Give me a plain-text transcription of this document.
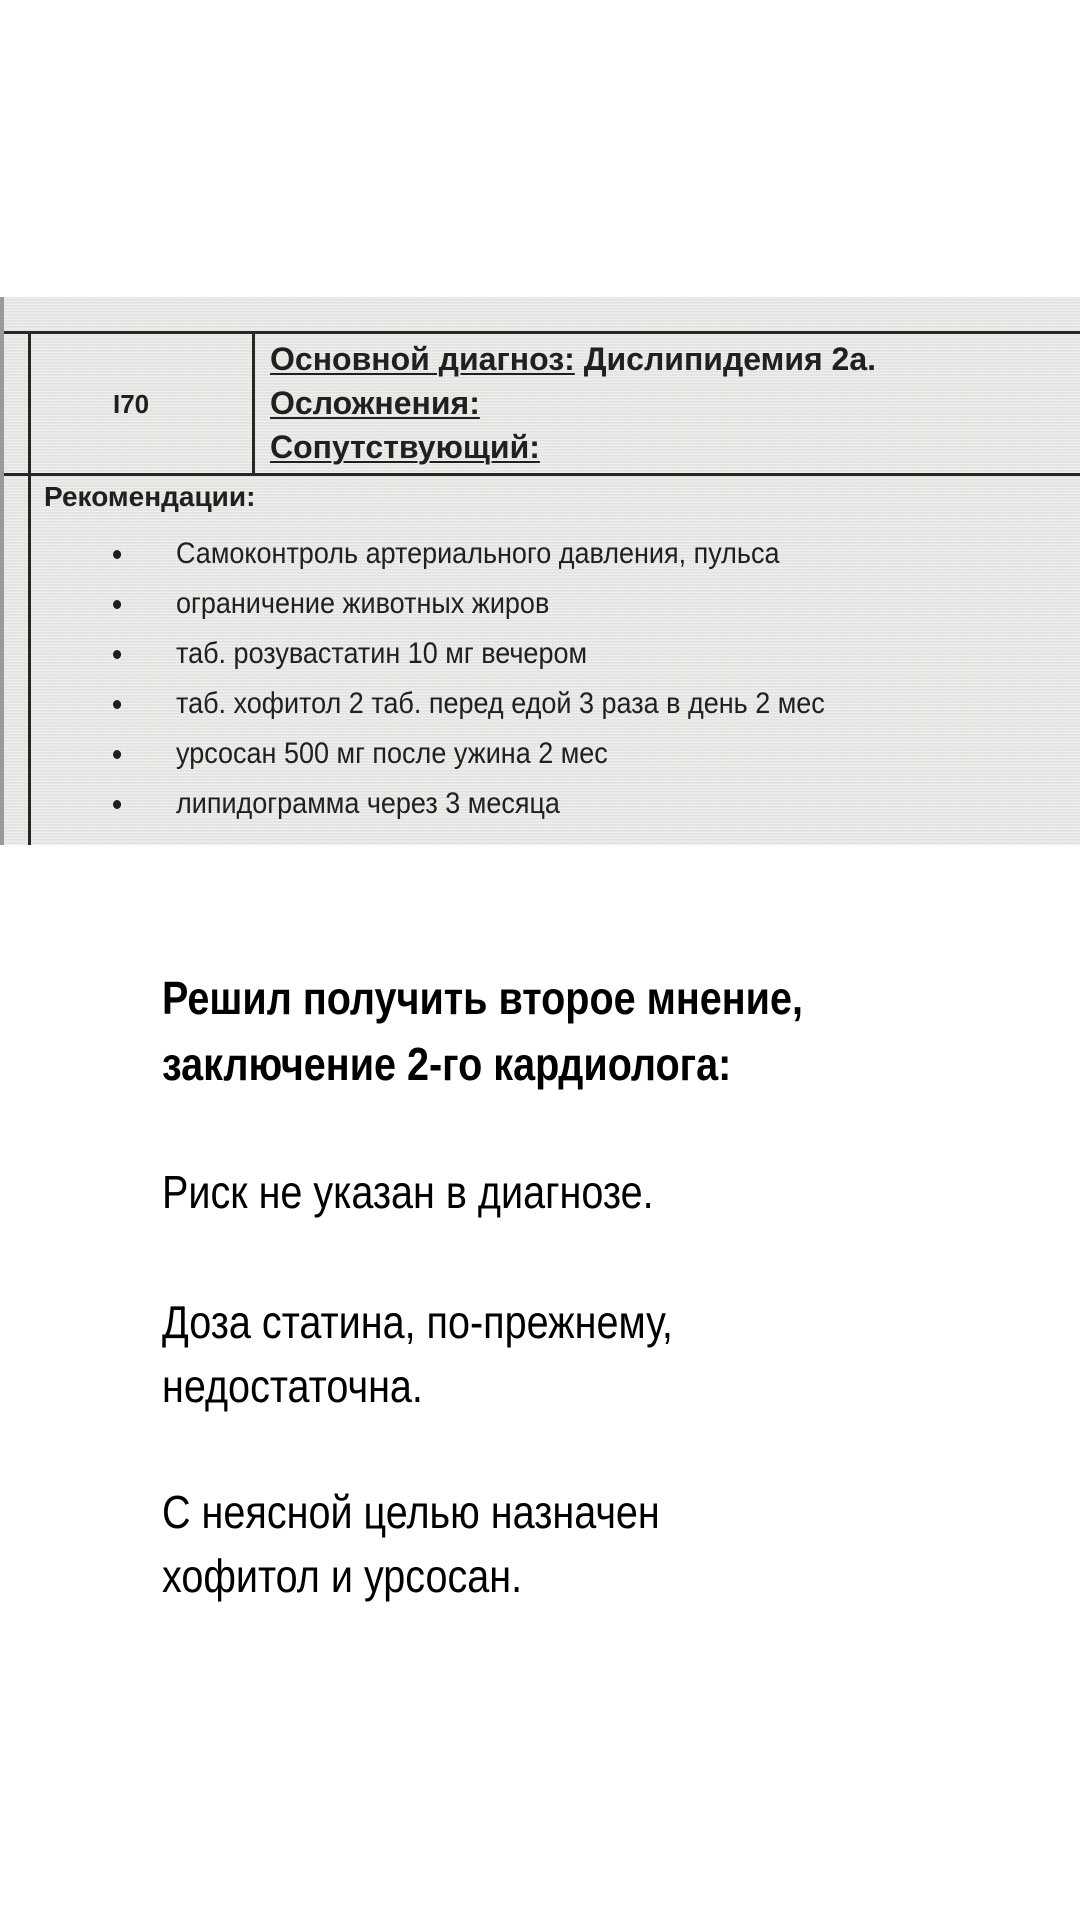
I70
Основной диагноз: Дислипидемия 2а.
Осложнения:
Сопутствующий:
Рекомендации:
Самоконтроль артериального давления, пульса
ограничение животных жиров
таб. розувастатин 10 мг вечером
таб. хофитол 2 таб. перед едой 3 раза в день 2 мес
урсосан 500 мг после ужина 2 мес
липидограмма через 3 месяца
Решил получить второе мнение,
заключение 2-го кардиолога:
Риск не указан в диагнозе.
Доза статина, по-прежнему,
недостаточна.
С неясной целью назначен
хофитол и урсосан.
